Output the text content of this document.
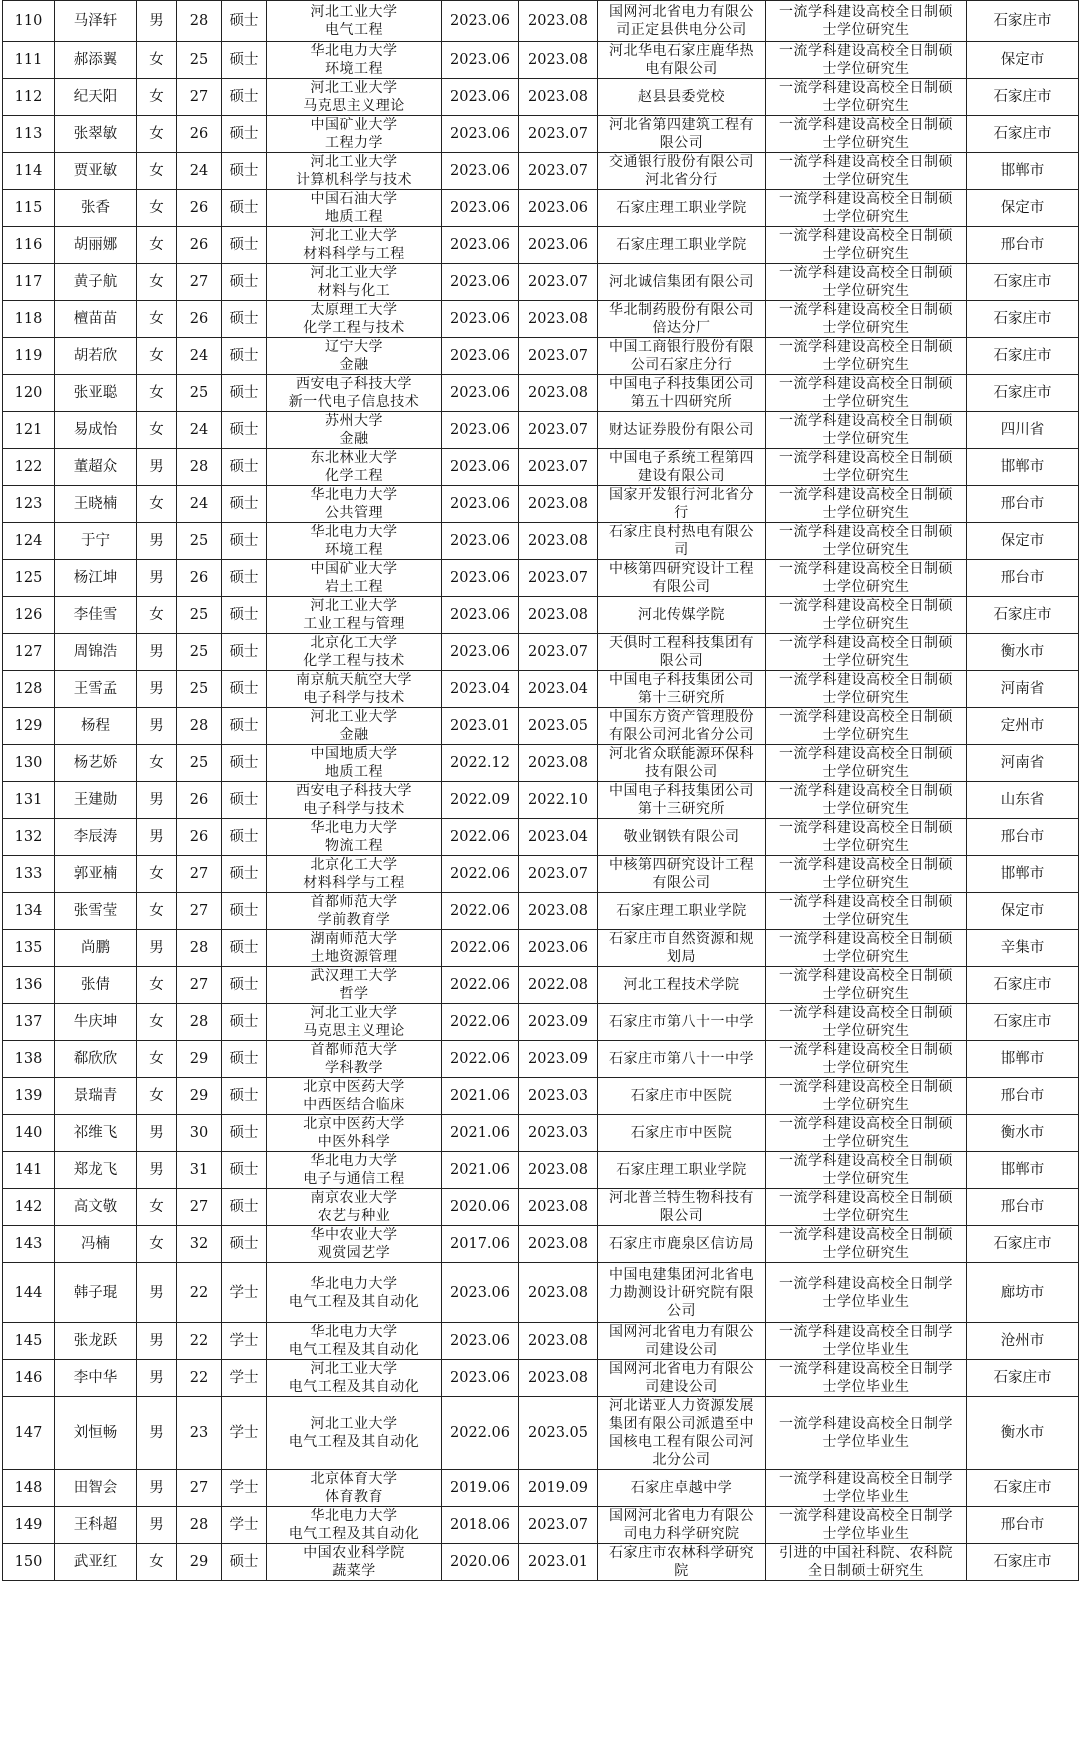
110	马泽轩	男	28	硕士	河北工业大学
电气工程	2023.06	2023.08	国网河北省电力有限公
司正定县供电分公司	一流学科建设高校全日制硕
士学位研究生	石家庄市
111	郝添翼	女	25	硕士	华北电力大学
环境工程	2023.06	2023.08	河北华电石家庄鹿华热
电有限公司	一流学科建设高校全日制硕
士学位研究生	保定市
112	纪天阳	女	27	硕士	河北工业大学
马克思主义理论	2023.06	2023.08	赵县县委党校	一流学科建设高校全日制硕
士学位研究生	石家庄市
113	张翠敏	女	26	硕士	中国矿业大学
工程力学	2023.06	2023.07	河北省第四建筑工程有
限公司	一流学科建设高校全日制硕
士学位研究生	石家庄市
114	贾亚敏	女	24	硕士	河北工业大学
计算机科学与技术	2023.06	2023.07	交通银行股份有限公司
河北省分行	一流学科建设高校全日制硕
士学位研究生	邯郸市
115	张香	女	26	硕士	中国石油大学
地质工程	2023.06	2023.06	石家庄理工职业学院	一流学科建设高校全日制硕
士学位研究生	保定市
116	胡丽娜	女	26	硕士	河北工业大学
材料科学与工程	2023.06	2023.06	石家庄理工职业学院	一流学科建设高校全日制硕
士学位研究生	邢台市
117	黄子航	女	27	硕士	河北工业大学
材料与化工	2023.06	2023.07	河北诚信集团有限公司	一流学科建设高校全日制硕
士学位研究生	石家庄市
118	檀苗苗	女	26	硕士	太原理工大学
化学工程与技术	2023.06	2023.08	华北制药股份有限公司
倍达分厂	一流学科建设高校全日制硕
士学位研究生	石家庄市
119	胡若欣	女	24	硕士	辽宁大学
金融	2023.06	2023.07	中国工商银行股份有限
公司石家庄分行	一流学科建设高校全日制硕
士学位研究生	石家庄市
120	张亚聪	女	25	硕士	西安电子科技大学
新一代电子信息技术	2023.06	2023.08	中国电子科技集团公司
第五十四研究所	一流学科建设高校全日制硕
士学位研究生	石家庄市
121	易成怡	女	24	硕士	苏州大学
金融	2023.06	2023.07	财达证券股份有限公司	一流学科建设高校全日制硕
士学位研究生	四川省
122	董超众	男	28	硕士	东北林业大学
化学工程	2023.06	2023.07	中国电子系统工程第四
建设有限公司	一流学科建设高校全日制硕
士学位研究生	邯郸市
123	王晓楠	女	24	硕士	华北电力大学
公共管理	2023.06	2023.08	国家开发银行河北省分
行	一流学科建设高校全日制硕
士学位研究生	邢台市
124	于宁	男	25	硕士	华北电力大学
环境工程	2023.06	2023.08	石家庄良村热电有限公
司	一流学科建设高校全日制硕
士学位研究生	保定市
125	杨江坤	男	26	硕士	中国矿业大学
岩土工程	2023.06	2023.07	中核第四研究设计工程
有限公司	一流学科建设高校全日制硕
士学位研究生	邢台市
126	李佳雪	女	25	硕士	河北工业大学
工业工程与管理	2023.06	2023.08	河北传媒学院	一流学科建设高校全日制硕
士学位研究生	石家庄市
127	周锦浩	男	25	硕士	北京化工大学
化学工程与技术	2023.06	2023.07	天俱时工程科技集团有
限公司	一流学科建设高校全日制硕
士学位研究生	衡水市
128	王雪孟	男	25	硕士	南京航天航空大学
电子科学与技术	2023.04	2023.04	中国电子科技集团公司
第十三研究所	一流学科建设高校全日制硕
士学位研究生	河南省
129	杨程	男	28	硕士	河北工业大学
金融	2023.01	2023.05	中国东方资产管理股份
有限公司河北省分公司	一流学科建设高校全日制硕
士学位研究生	定州市
130	杨艺娇	女	25	硕士	中国地质大学
地质工程	2022.12	2023.08	河北省众联能源环保科
技有限公司	一流学科建设高校全日制硕
士学位研究生	河南省
131	王建勋	男	26	硕士	西安电子科技大学
电子科学与技术	2022.09	2022.10	中国电子科技集团公司
第十三研究所	一流学科建设高校全日制硕
士学位研究生	山东省
132	李辰涛	男	26	硕士	华北电力大学
物流工程	2022.06	2023.04	敬业钢铁有限公司	一流学科建设高校全日制硕
士学位研究生	邢台市
133	郭亚楠	女	27	硕士	北京化工大学
材料科学与工程	2022.06	2023.07	中核第四研究设计工程
有限公司	一流学科建设高校全日制硕
士学位研究生	邯郸市
134	张雪莹	女	27	硕士	首都师范大学
学前教育学	2022.06	2023.08	石家庄理工职业学院	一流学科建设高校全日制硕
士学位研究生	保定市
135	尚鹏	男	28	硕士	湖南师范大学
土地资源管理	2022.06	2023.06	石家庄市自然资源和规
划局	一流学科建设高校全日制硕
士学位研究生	辛集市
136	张倩	女	27	硕士	武汉理工大学
哲学	2022.06	2022.08	河北工程技术学院	一流学科建设高校全日制硕
士学位研究生	石家庄市
137	牛庆坤	女	28	硕士	河北工业大学
马克思主义理论	2022.06	2023.09	石家庄市第八十一中学	一流学科建设高校全日制硕
士学位研究生	石家庄市
138	郗欣欣	女	29	硕士	首都师范大学
学科教学	2022.06	2023.09	石家庄市第八十一中学	一流学科建设高校全日制硕
士学位研究生	邯郸市
139	景瑞青	女	29	硕士	北京中医药大学
中西医结合临床	2021.06	2023.03	石家庄市中医院	一流学科建设高校全日制硕
士学位研究生	邢台市
140	祁维飞	男	30	硕士	北京中医药大学
中医外科学	2021.06	2023.03	石家庄市中医院	一流学科建设高校全日制硕
士学位研究生	衡水市
141	郑龙飞	男	31	硕士	华北电力大学
电子与通信工程	2021.06	2023.08	石家庄理工职业学院	一流学科建设高校全日制硕
士学位研究生	邯郸市
142	高文敬	女	27	硕士	南京农业大学
农艺与种业	2020.06	2023.08	河北普兰特生物科技有
限公司	一流学科建设高校全日制硕
士学位研究生	邢台市
143	冯楠	女	32	硕士	华中农业大学
观赏园艺学	2017.06	2023.08	石家庄市鹿泉区信访局	一流学科建设高校全日制硕
士学位研究生	石家庄市
144	韩子琨	男	22	学士	华北电力大学
电气工程及其自动化	2023.06	2023.08	中国电建集团河北省电
力勘测设计研究院有限
公司	一流学科建设高校全日制学
士学位毕业生	廊坊市
145	张龙跃	男	22	学士	华北电力大学
电气工程及其自动化	2023.06	2023.08	国网河北省电力有限公
司建设公司	一流学科建设高校全日制学
士学位毕业生	沧州市
146	李中华	男	22	学士	河北工业大学
电气工程及其自动化	2023.06	2023.08	国网河北省电力有限公
司建设公司	一流学科建设高校全日制学
士学位毕业生	石家庄市
147	刘恒畅	男	23	学士	河北工业大学
电气工程及其自动化	2022.06	2023.05	河北诺亚人力资源发展
集团有限公司派遣至中
国核电工程有限公司河
北分公司	一流学科建设高校全日制学
士学位毕业生	衡水市
148	田智会	男	27	学士	北京体育大学
体育教育	2019.06	2019.09	石家庄卓越中学	一流学科建设高校全日制学
士学位毕业生	石家庄市
149	王科超	男	28	学士	华北电力大学
电气工程及其自动化	2018.06	2023.07	国网河北省电力有限公
司电力科学研究院	一流学科建设高校全日制学
士学位毕业生	邢台市
150	武亚红	女	29	硕士	中国农业科学院
蔬菜学	2020.06	2023.01	石家庄市农林科学研究
院	引进的中国社科院、农科院
全日制硕士研究生	石家庄市
